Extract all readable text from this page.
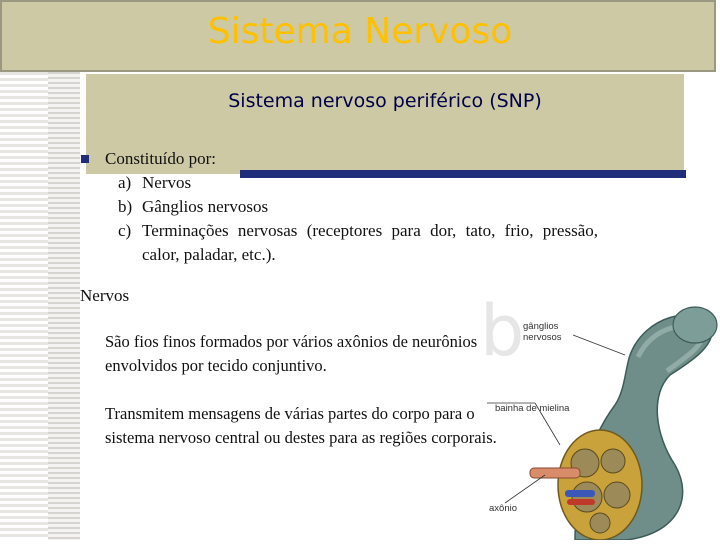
Sistema Nervoso
Sistema nervoso periférico (SNP)
Constituído por:
a) Nervos
b) Gânglios nervosos
c) Terminações nervosas (receptores para dor, tato, frio, pressão, calor, paladar, etc.).
Nervos
São fios finos formados por vários axônios de neurônios envolvidos por tecido conjuntivo.
Transmitem mensagens de várias partes do corpo para o sistema nervoso central ou destes para as regiões corporais.
b
gânglios nervosos
bainha de mielina
axônio
